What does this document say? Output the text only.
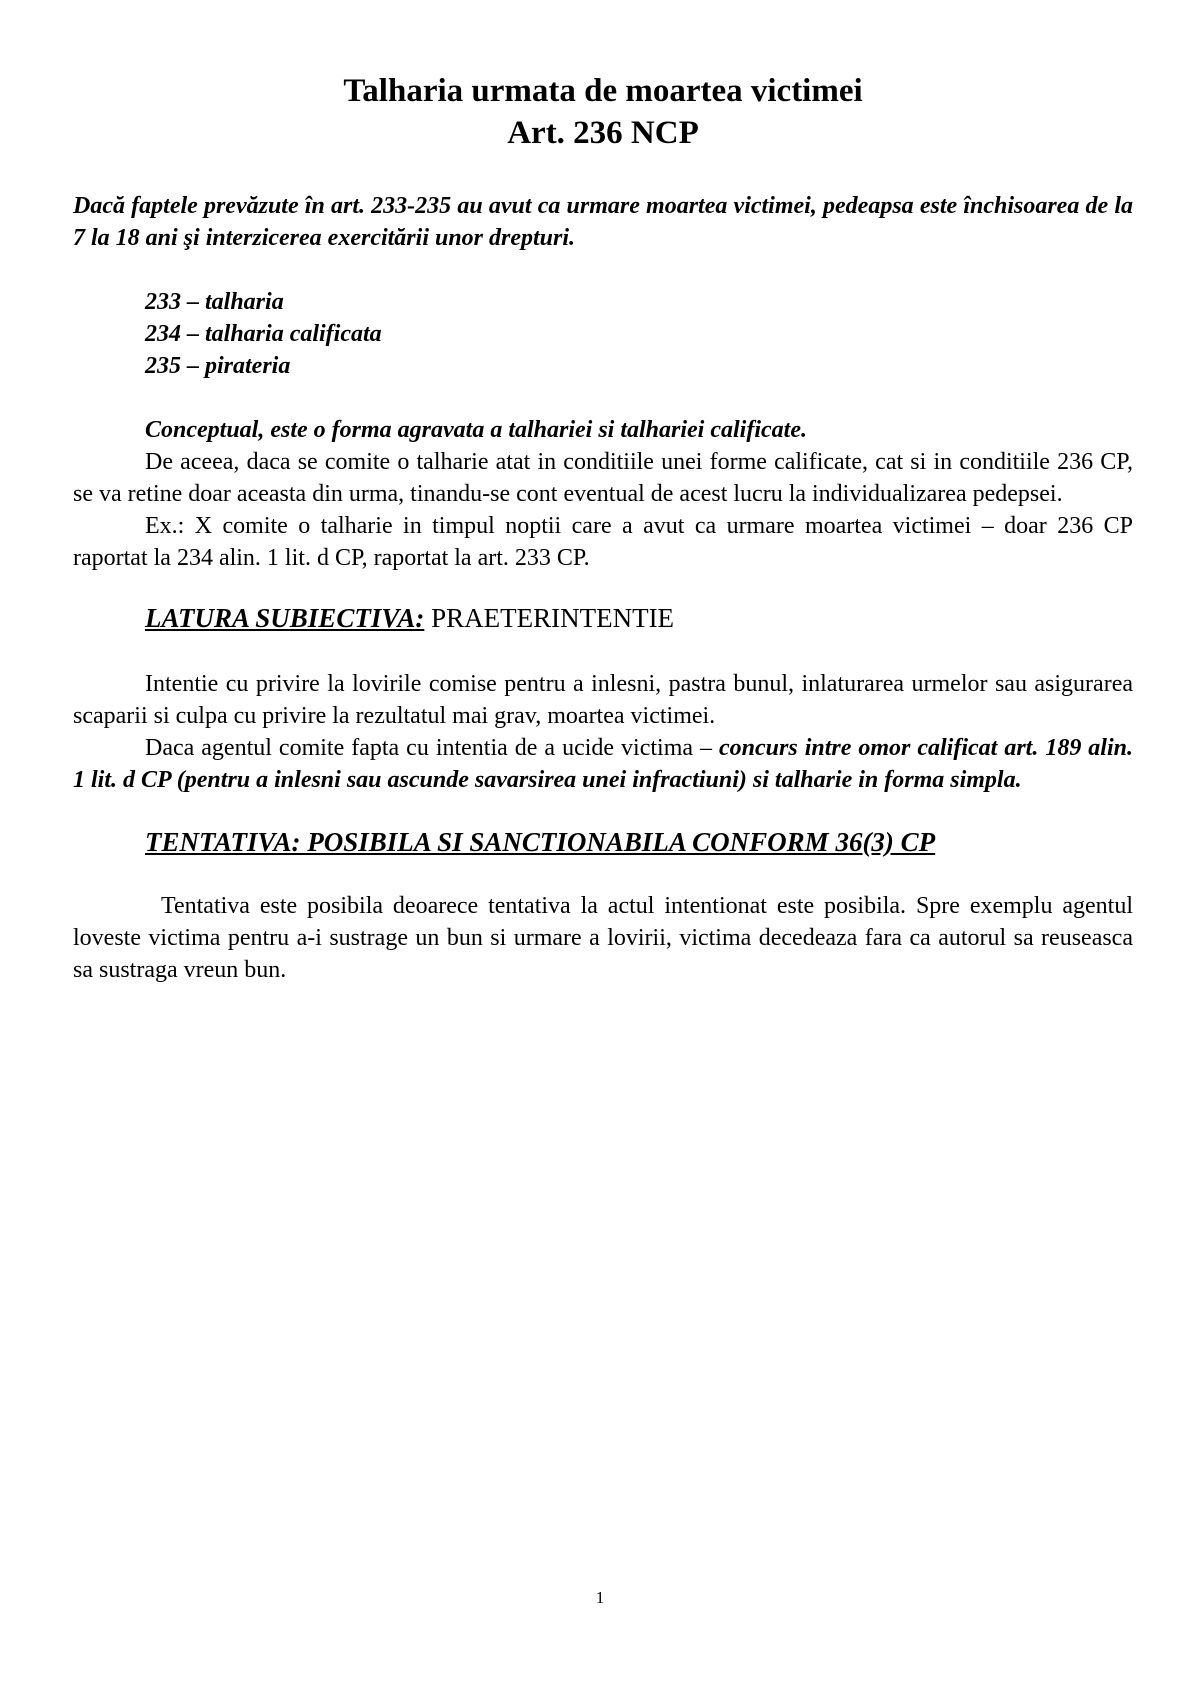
Talharia urmata de moartea victimei
Art. 236 NCP
Dacă faptele prevăzute în art. 233-235 au avut ca urmare moartea victimei, pedeapsa este închisoarea de la 7 la 18 ani şi interzicerea exercitării unor drepturi.
233 – talharia
234 – talharia calificata
235 – pirateria

Conceptual, este o forma agravata a talhariei si talhariei calificate.

De aceea, daca se comite o talharie atat in conditiile unei forme calificate, cat si in conditiile 236 CP, se va retine doar aceasta din urma, tinandu-se cont eventual de acest lucru la individualizarea pedepsei.

Ex.: X comite o talharie in timpul noptii care a avut ca urmare moartea victimei – doar 236 CP raportat la 234 alin. 1 lit. d CP, raportat la art. 233 CP.

LATURA SUBIECTIVA: PRAETERINTENTIE

Intentie cu privire la lovirile comise pentru a inlesni, pastra bunul, inlaturarea urmelor sau asigurarea scaparii si culpa cu privire la rezultatul mai grav, moartea victimei.

Daca agentul comite fapta cu intentia de a ucide victima – concurs intre omor calificat art. 189 alin. 1 lit. d CP (pentru a inlesni sau ascunde savarsirea unei infractiuni) si talharie in forma simpla.

TENTATIVA: POSIBILA SI SANCTIONABILA CONFORM 36(3) CP

Tentativa este posibila deoarece tentativa la actul intentionat este posibila. Spre exemplu agentul loveste victima pentru a-i sustrage un bun si urmare a lovirii, victima decedeaza fara ca autorul sa reuseasca sa sustraga vreun bun.

1
